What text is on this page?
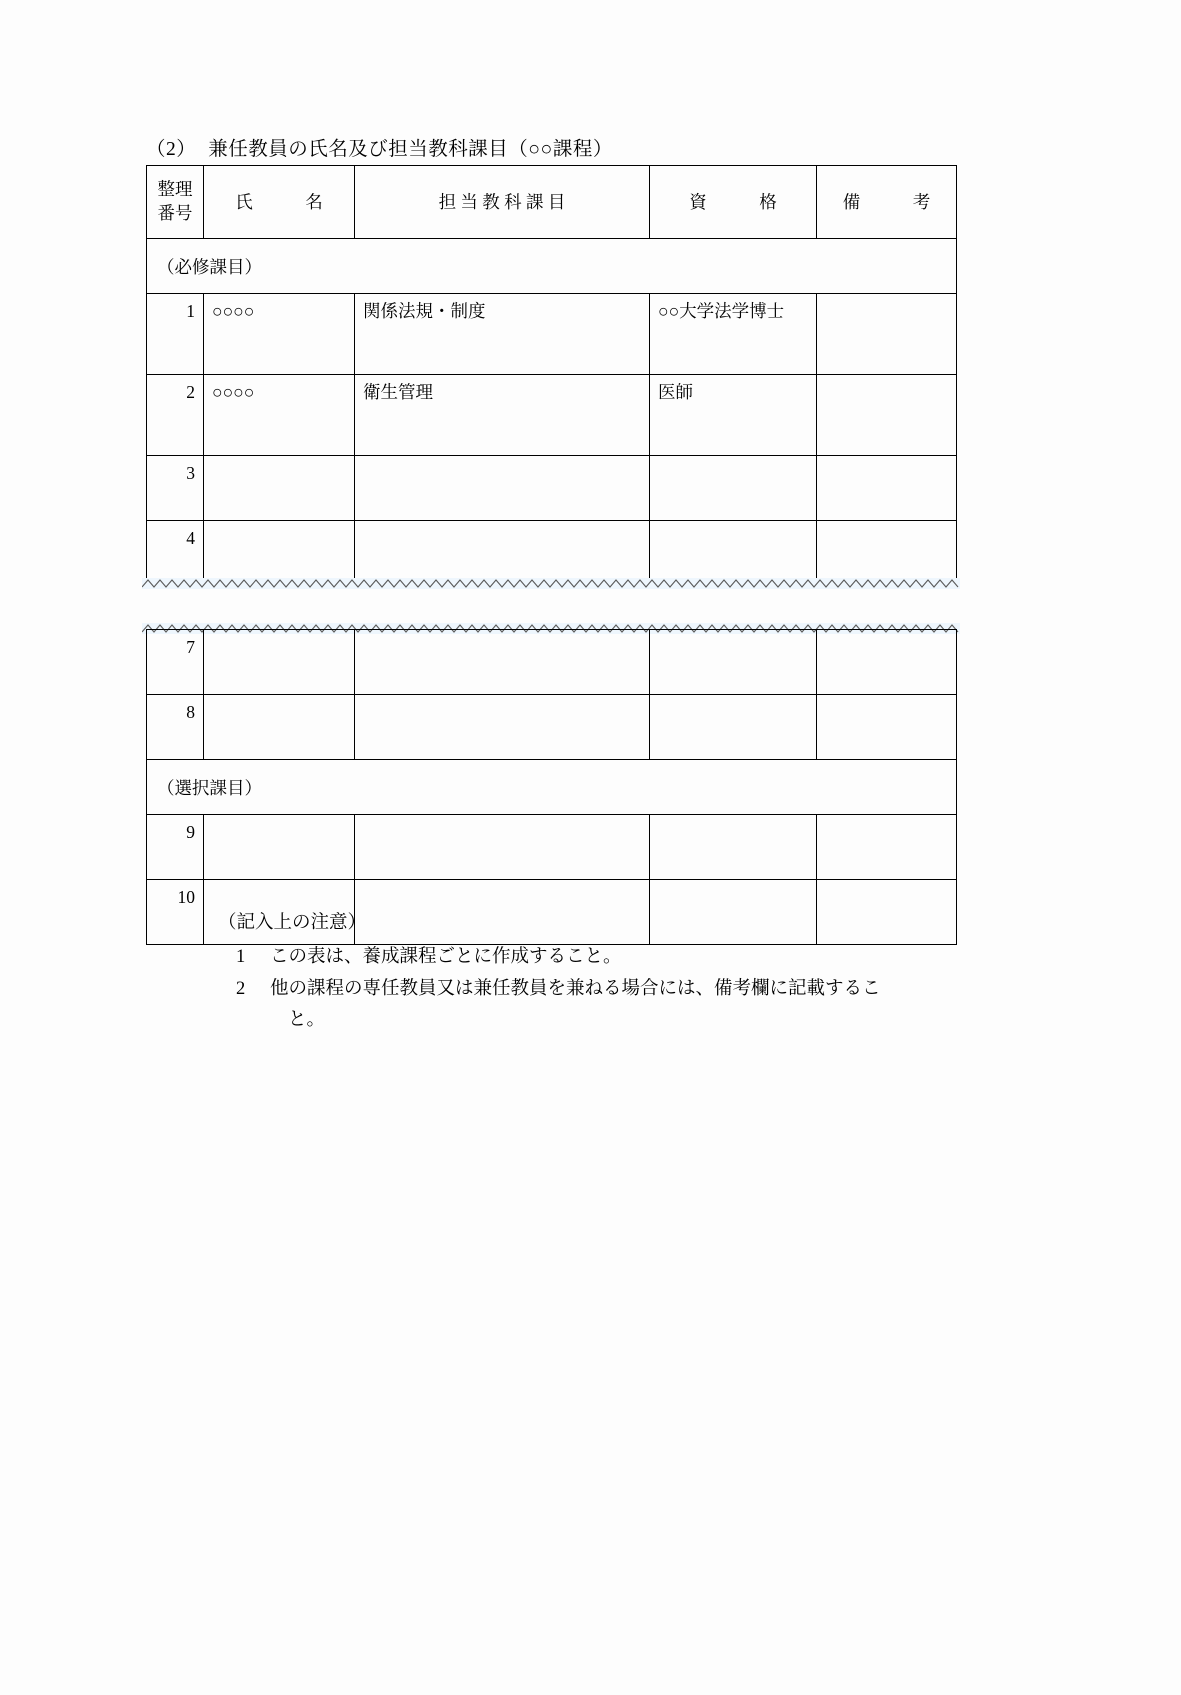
（2） 兼任教員の氏名及び担当教科課目（○○課程）
整理
番号	氏　　　名	担 当 教 科 課 目	資　　　格	備　　　考

（必修課目）				
1	○○○○	関係法規・制度	○○大学法学博士	
2	○○○○	衛生管理	医師	
3				
4				
7				
8				
（選択課目）				
9				
10				
（記入上の注意）
1 この表は、養成課程ごとに作成すること。
2 他の課程の専任教員又は兼任教員を兼ねる場合には、備考欄に記載するこ
と。
